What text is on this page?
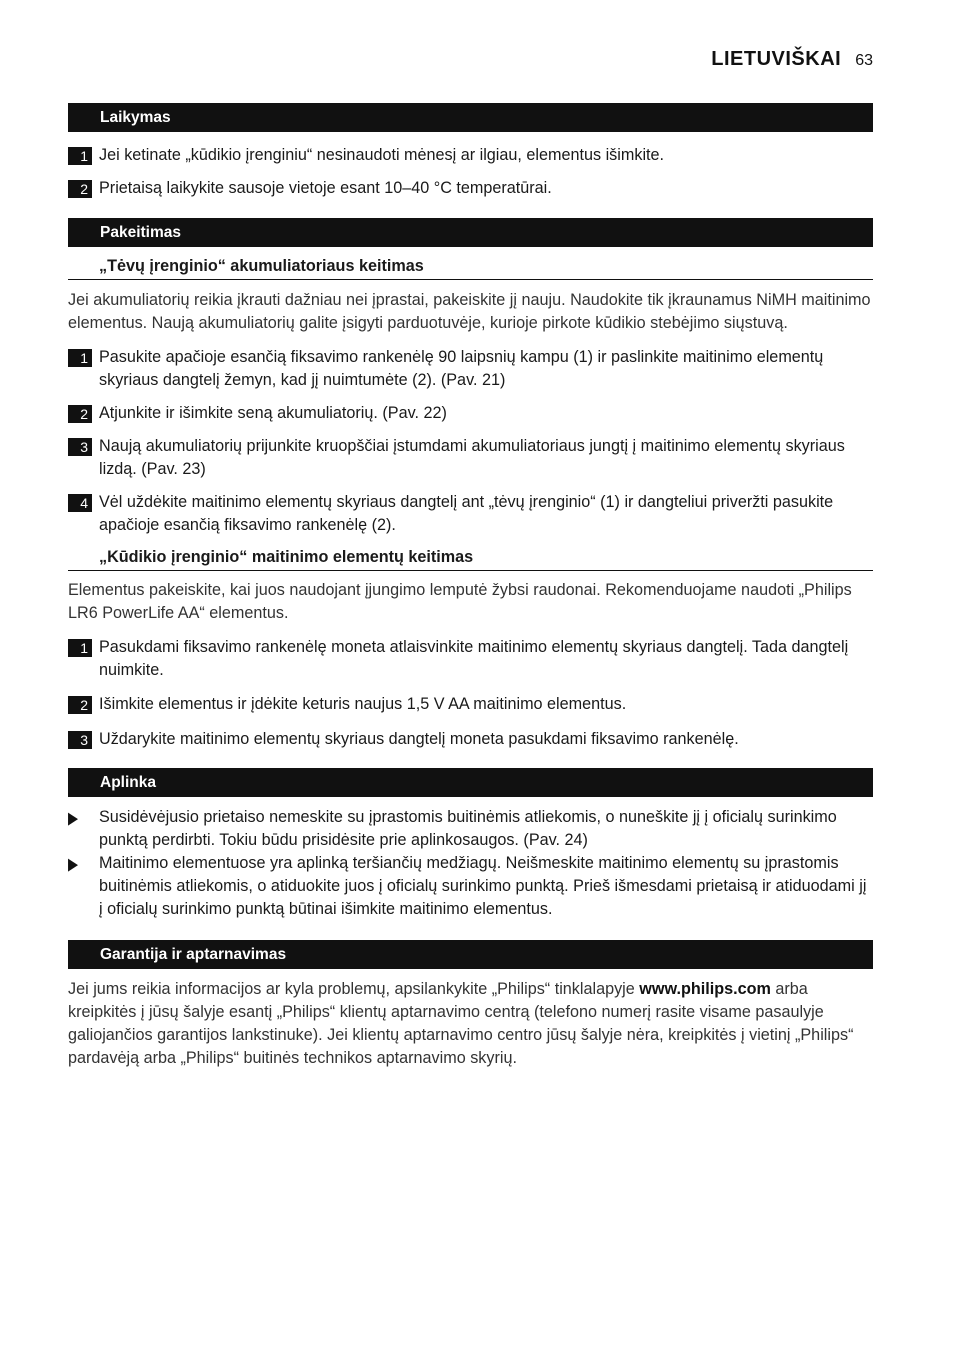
LIETUVIŠKAI 63
Laikymas
1 Jei ketinate „kūdikio įrenginiu“ nesinaudoti mėnesį ar ilgiau, elementus išimkite.
2 Prietaisą laikykite sausoje vietoje esant 10–40 °C temperatūrai.
Pakeitimas
„Tėvų įrenginio“ akumuliatoriaus keitimas
Jei akumuliatorių reikia įkrauti dažniau nei įprastai, pakeiskite jį nauju. Naudokite tik įkraunamus NiMH maitinimo elementus. Naują akumuliatorių galite įsigyti parduotuvėje, kurioje pirkote kūdikio stebėjimo siųstuvą.
1 Pasukite apačioje esančią fiksavimo rankenėlę 90 laipsnių kampu (1) ir paslinkite maitinimo elementų skyriaus dangtelį žemyn, kad jį nuimtumėte (2). (Pav. 21)
2 Atjunkite ir išimkite seną akumuliatorių. (Pav. 22)
3 Naują akumuliatorių prijunkite kruopščiai įstumdami akumuliatoriaus jungtį į maitinimo elementų skyriaus lizdą. (Pav. 23)
4 Vėl uždėkite maitinimo elementų skyriaus dangtelį ant „tėvų įrenginio“ (1) ir dangteliui priveržti pasukite apačioje esančią fiksavimo rankenėlę (2).
„Kūdikio įrenginio“ maitinimo elementų keitimas
Elementus pakeiskite, kai juos naudojant įjungimo lemputė žybsi raudonai. Rekomenduojame naudoti „Philips LR6 PowerLife AA“ elementus.
1 Pasukdami fiksavimo rankenėlę moneta atlaisvinkite maitinimo elementų skyriaus dangtelį. Tada dangtelį nuimkite.
2 Išimkite elementus ir įdėkite keturis naujus 1,5 V AA maitinimo elementus.
3 Uždarykite maitinimo elementų skyriaus dangtelį moneta pasukdami fiksavimo rankenėlę.
Aplinka
▶ Susidėvėjusio prietaiso nemeskite su įprastomis buitinėmis atliekomis, o nuneškite jį į oficialų surinkimo punktą perdirbti. Tokiu būdu prisidėsite prie aplinkosaugos. (Pav. 24)
▶ Maitinimo elementuose yra aplinką teršiančių medžiagų. Neišmeskite maitinimo elementų su įprastomis buitinėmis atliekomis, o atiduokite juos į oficialų surinkimo punktą. Prieš išmesdami prietaisą ir atiduodami jį į oficialų surinkimo punktą būtinai išimkite maitinimo elementus.
Garantija ir aptarnavimas
Jei jums reikia informacijos ar kyla problemų, apsilankykite „Philips“ tinklalapyje www.philips.com arba kreipkitės į jūsų šalyje esantį „Philips“ klientų aptarnavimo centrą (telefono numerį rasite visame pasaulyje galiojančios garantijos lankstinuke). Jei klientų aptarnavimo centro jūsų šalyje nėra, kreipkitės į vietinį „Philips“ pardavėją arba „Philips“ buitinės technikos aptarnavimo skyrių.
